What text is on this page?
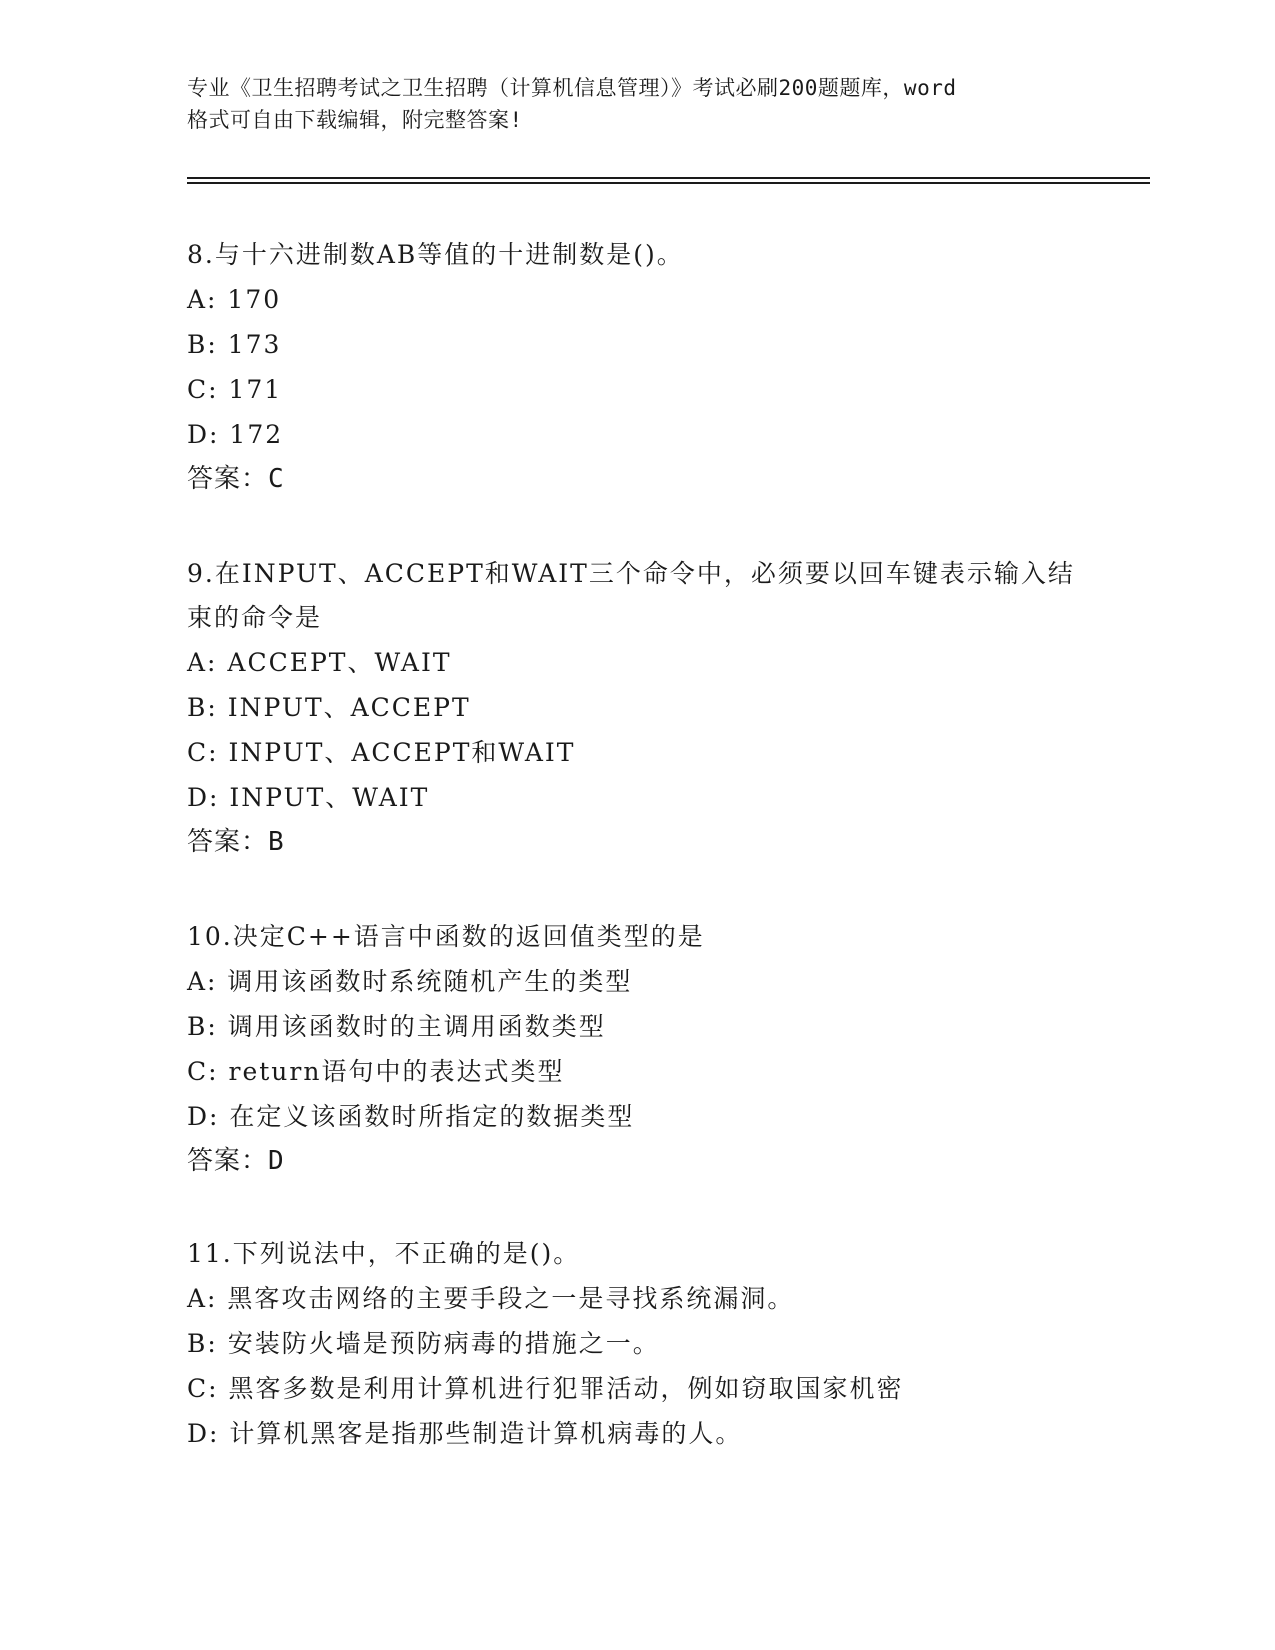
专业《卫生招聘考试之卫生招聘（计算机信息管理）》考试必刷200题题库，word
格式可自由下载编辑，附完整答案!
8.与十六进制数AB等值的十进制数是()。
A: 170
B: 173
C: 171
D: 172
答案：C
9.在INPUT、ACCEPT和WAIT三个命令中，必须要以回车键表示输入结
束的命令是
A: ACCEPT、WAIT
B: INPUT、ACCEPT
C: INPUT、ACCEPT和WAIT
D: INPUT、WAIT
答案：B
10.决定C++语言中函数的返回值类型的是
A: 调用该函数时系统随机产生的类型
B: 调用该函数时的主调用函数类型
C: return语句中的表达式类型
D: 在定义该函数时所指定的数据类型
答案：D
11.下列说法中，不正确的是()。
A: 黑客攻击网络的主要手段之一是寻找系统漏洞。
B: 安装防火墙是预防病毒的措施之一。
C: 黑客多数是利用计算机进行犯罪活动，例如窃取国家机密
D: 计算机黑客是指那些制造计算机病毒的人。
